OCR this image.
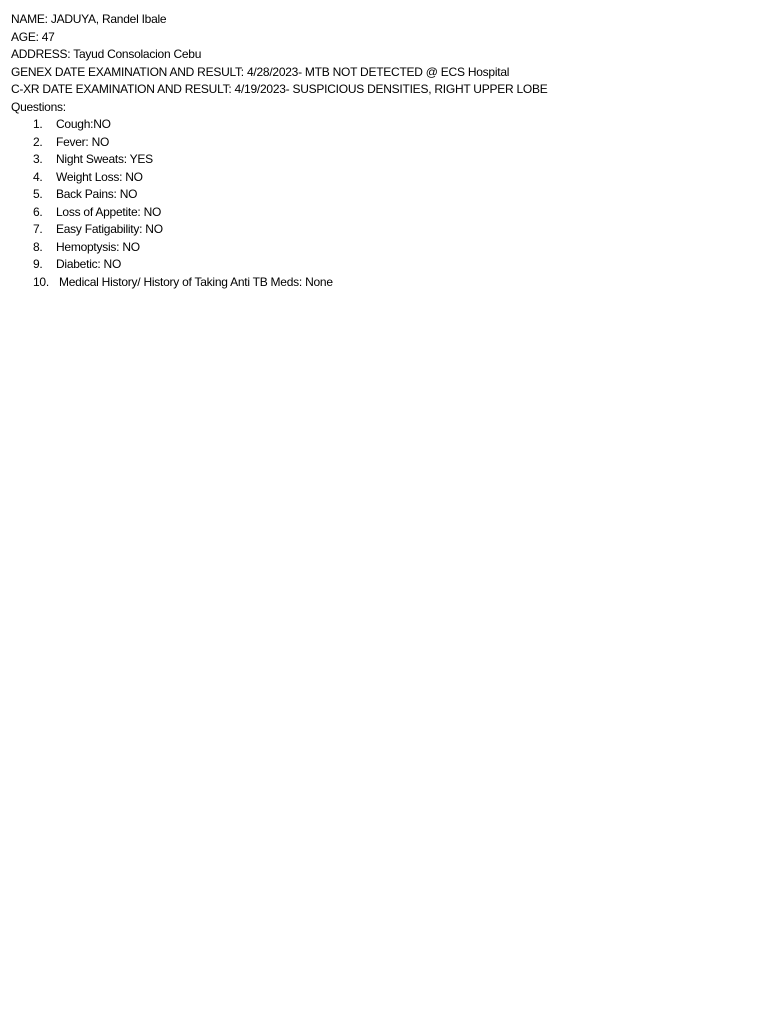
NAME: JADUYA, Randel Ibale
AGE: 47
ADDRESS: Tayud Consolacion Cebu
GENEX DATE EXAMINATION AND RESULT: 4/28/2023- MTB NOT DETECTED @ ECS Hospital
C-XR DATE EXAMINATION AND RESULT: 4/19/2023- SUSPICIOUS DENSITIES, RIGHT UPPER LOBE
Questions:
1. Cough:NO
2. Fever: NO
3. Night Sweats: YES
4. Weight Loss: NO
5. Back Pains: NO
6. Loss of Appetite: NO
7. Easy Fatigability: NO
8. Hemoptysis: NO
9. Diabetic: NO
10. Medical History/ History of Taking Anti TB Meds: None
